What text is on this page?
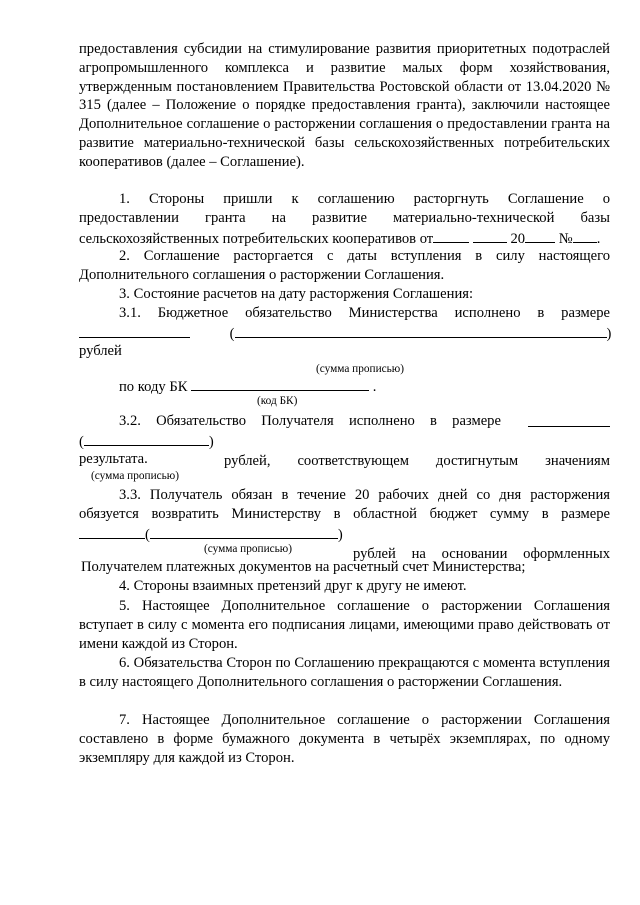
предоставления субсидии на стимулирование развития приоритетных подотраслей агропромышленного комплекса и развитие малых форм хозяйствования, утвержденным постановлением Правительства Ростовской области от 13.04.2020 № 315 (далее – Положение о порядке предоставления гранта), заключили настоящее Дополнительное соглашение о расторжении соглашения о предоставлении гранта на развитие материально-технической базы сельскохозяйственных потребительских кооперативов (далее – Соглашение).
1. Стороны пришли к соглашению расторгнуть Соглашение о
предоставлении гранта на развитие материально-технической базы
сельскохозяйственных потребительских кооперативов от	20 № .
2. Соглашение расторгается с даты вступления в силу настоящего Дополнительного соглашения о расторжении Соглашения.
3. Состояние расчетов на дату расторжения Соглашения:
3.1. Бюджетное обязательство Министерства исполнено в размере
(	)
рублей
(сумма прописью)
по коду БК	.
(код БК)
3.2. Обязательство Получателя исполнено в размере
(	)
рублей, соответствующем достигнутым значениям
результата.
(сумма прописью)
3.3. Получатель обязан в течение 20 рабочих дней со дня расторжения обязуется возвратить Министерству в областной бюджет сумму в размере
(	)
рублей на основании оформленных
(сумма прописью)
Получателем платежных документов на расчетный счет Министерства;
4. Стороны взаимных претензий друг к другу не имеют.
5. Настоящее Дополнительное соглашение о расторжении Соглашения вступает в силу с момента его подписания лицами, имеющими право действовать от имени каждой из Сторон.
6. Обязательства Сторон по Соглашению прекращаются с момента вступления в силу настоящего Дополнительного соглашения о расторжении Соглашения.
7. Настоящее Дополнительное соглашение о расторжении Соглашения составлено в форме бумажного документа в четырёх экземплярах, по одному экземпляру для каждой из Сторон.
